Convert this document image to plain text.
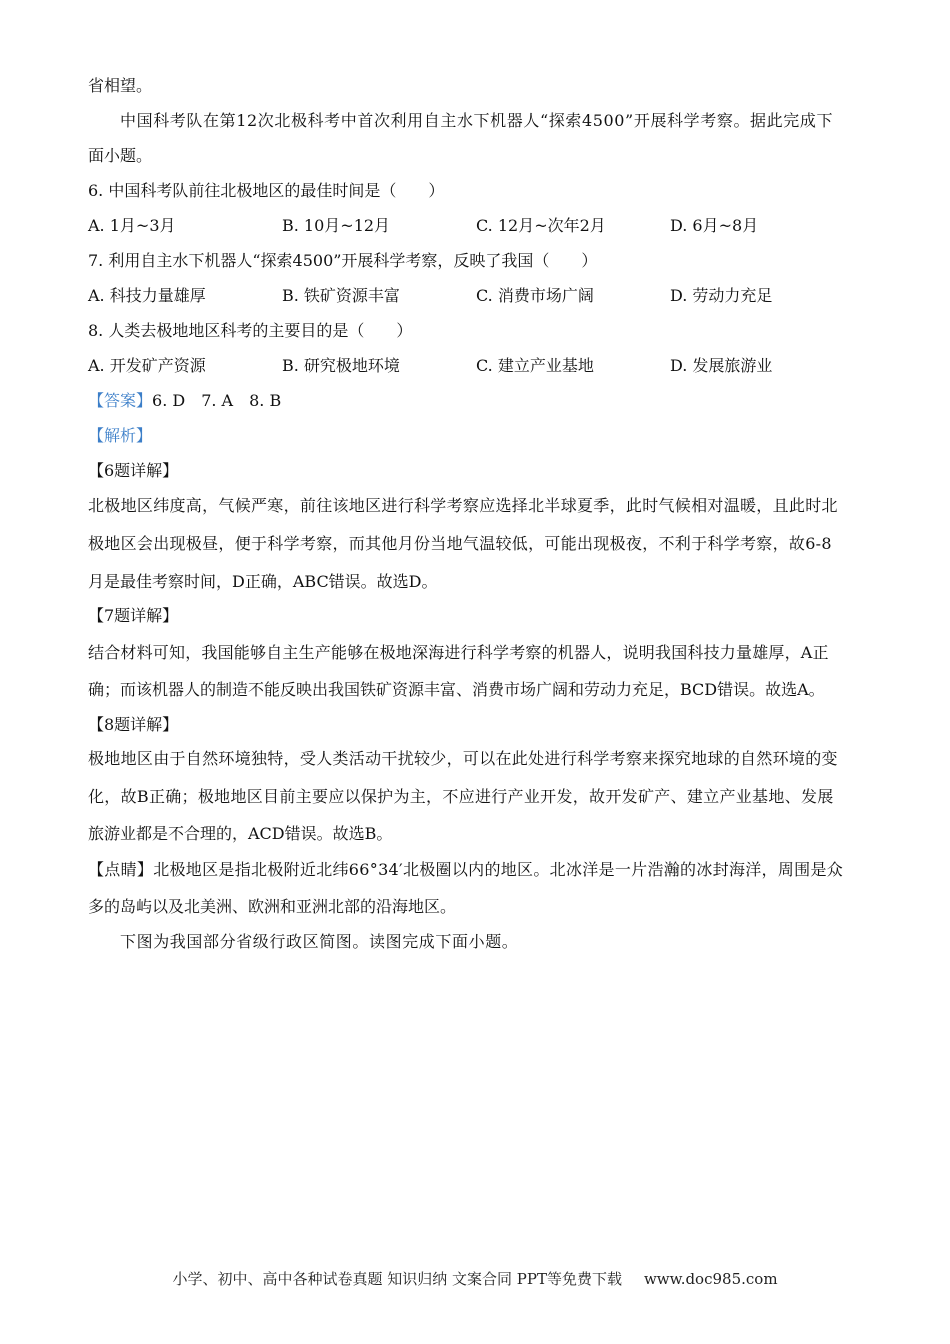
省相望。
中国科考队在第12次北极科考中首次利用自主水下机器人“探索4500”开展科学考察。据此完成下
面小题。
6. 中国科考队前往北极地区的最佳时间是（　　）
A. 1月~3月	B. 10月~12月	C. 12月~次年2月	D. 6月~8月
7. 利用自主水下机器人“探索4500”开展科学考察，反映了我国（　　）
A. 科技力量雄厚	B. 铁矿资源丰富	C. 消费市场广阔	D. 劳动力充足
8. 人类去极地地区科考的主要目的是（　　）
A. 开发矿产资源	B. 研究极地环境	C. 建立产业基地	D. 发展旅游业
【答案】6. D　7. A　8. B
【解析】
【6题详解】
北极地区纬度高，气候严寒，前往该地区进行科学考察应选择北半球夏季，此时气候相对温暖，且此时北
极地区会出现极昼，便于科学考察，而其他月份当地气温较低，可能出现极夜，不利于科学考察，故6-8
月是最佳考察时间，D正确，ABC错误。故选D。
【7题详解】
结合材料可知，我国能够自主生产能够在极地深海进行科学考察的机器人，说明我国科技力量雄厚，A正
确；而该机器人的制造不能反映出我国铁矿资源丰富、消费市场广阔和劳动力充足，BCD错误。故选A。
【8题详解】
极地地区由于自然环境独特，受人类活动干扰较少，可以在此处进行科学考察来探究地球的自然环境的变
化，故B正确；极地地区目前主要应以保护为主，不应进行产业开发，故开发矿产、建立产业基地、发展
旅游业都是不合理的，ACD错误。故选B。
【点睛】北极地区是指北极附近北纬66°34′北极圈以内的地区。北冰洋是一片浩瀚的冰封海洋，周围是众
多的岛屿以及北美洲、欧洲和亚洲北部的沿海地区。
下图为我国部分省级行政区简图。读图完成下面小题。
小学、初中、高中各种试卷真题 知识归纳 文案合同 PPT等免费下载 www.doc985.com
